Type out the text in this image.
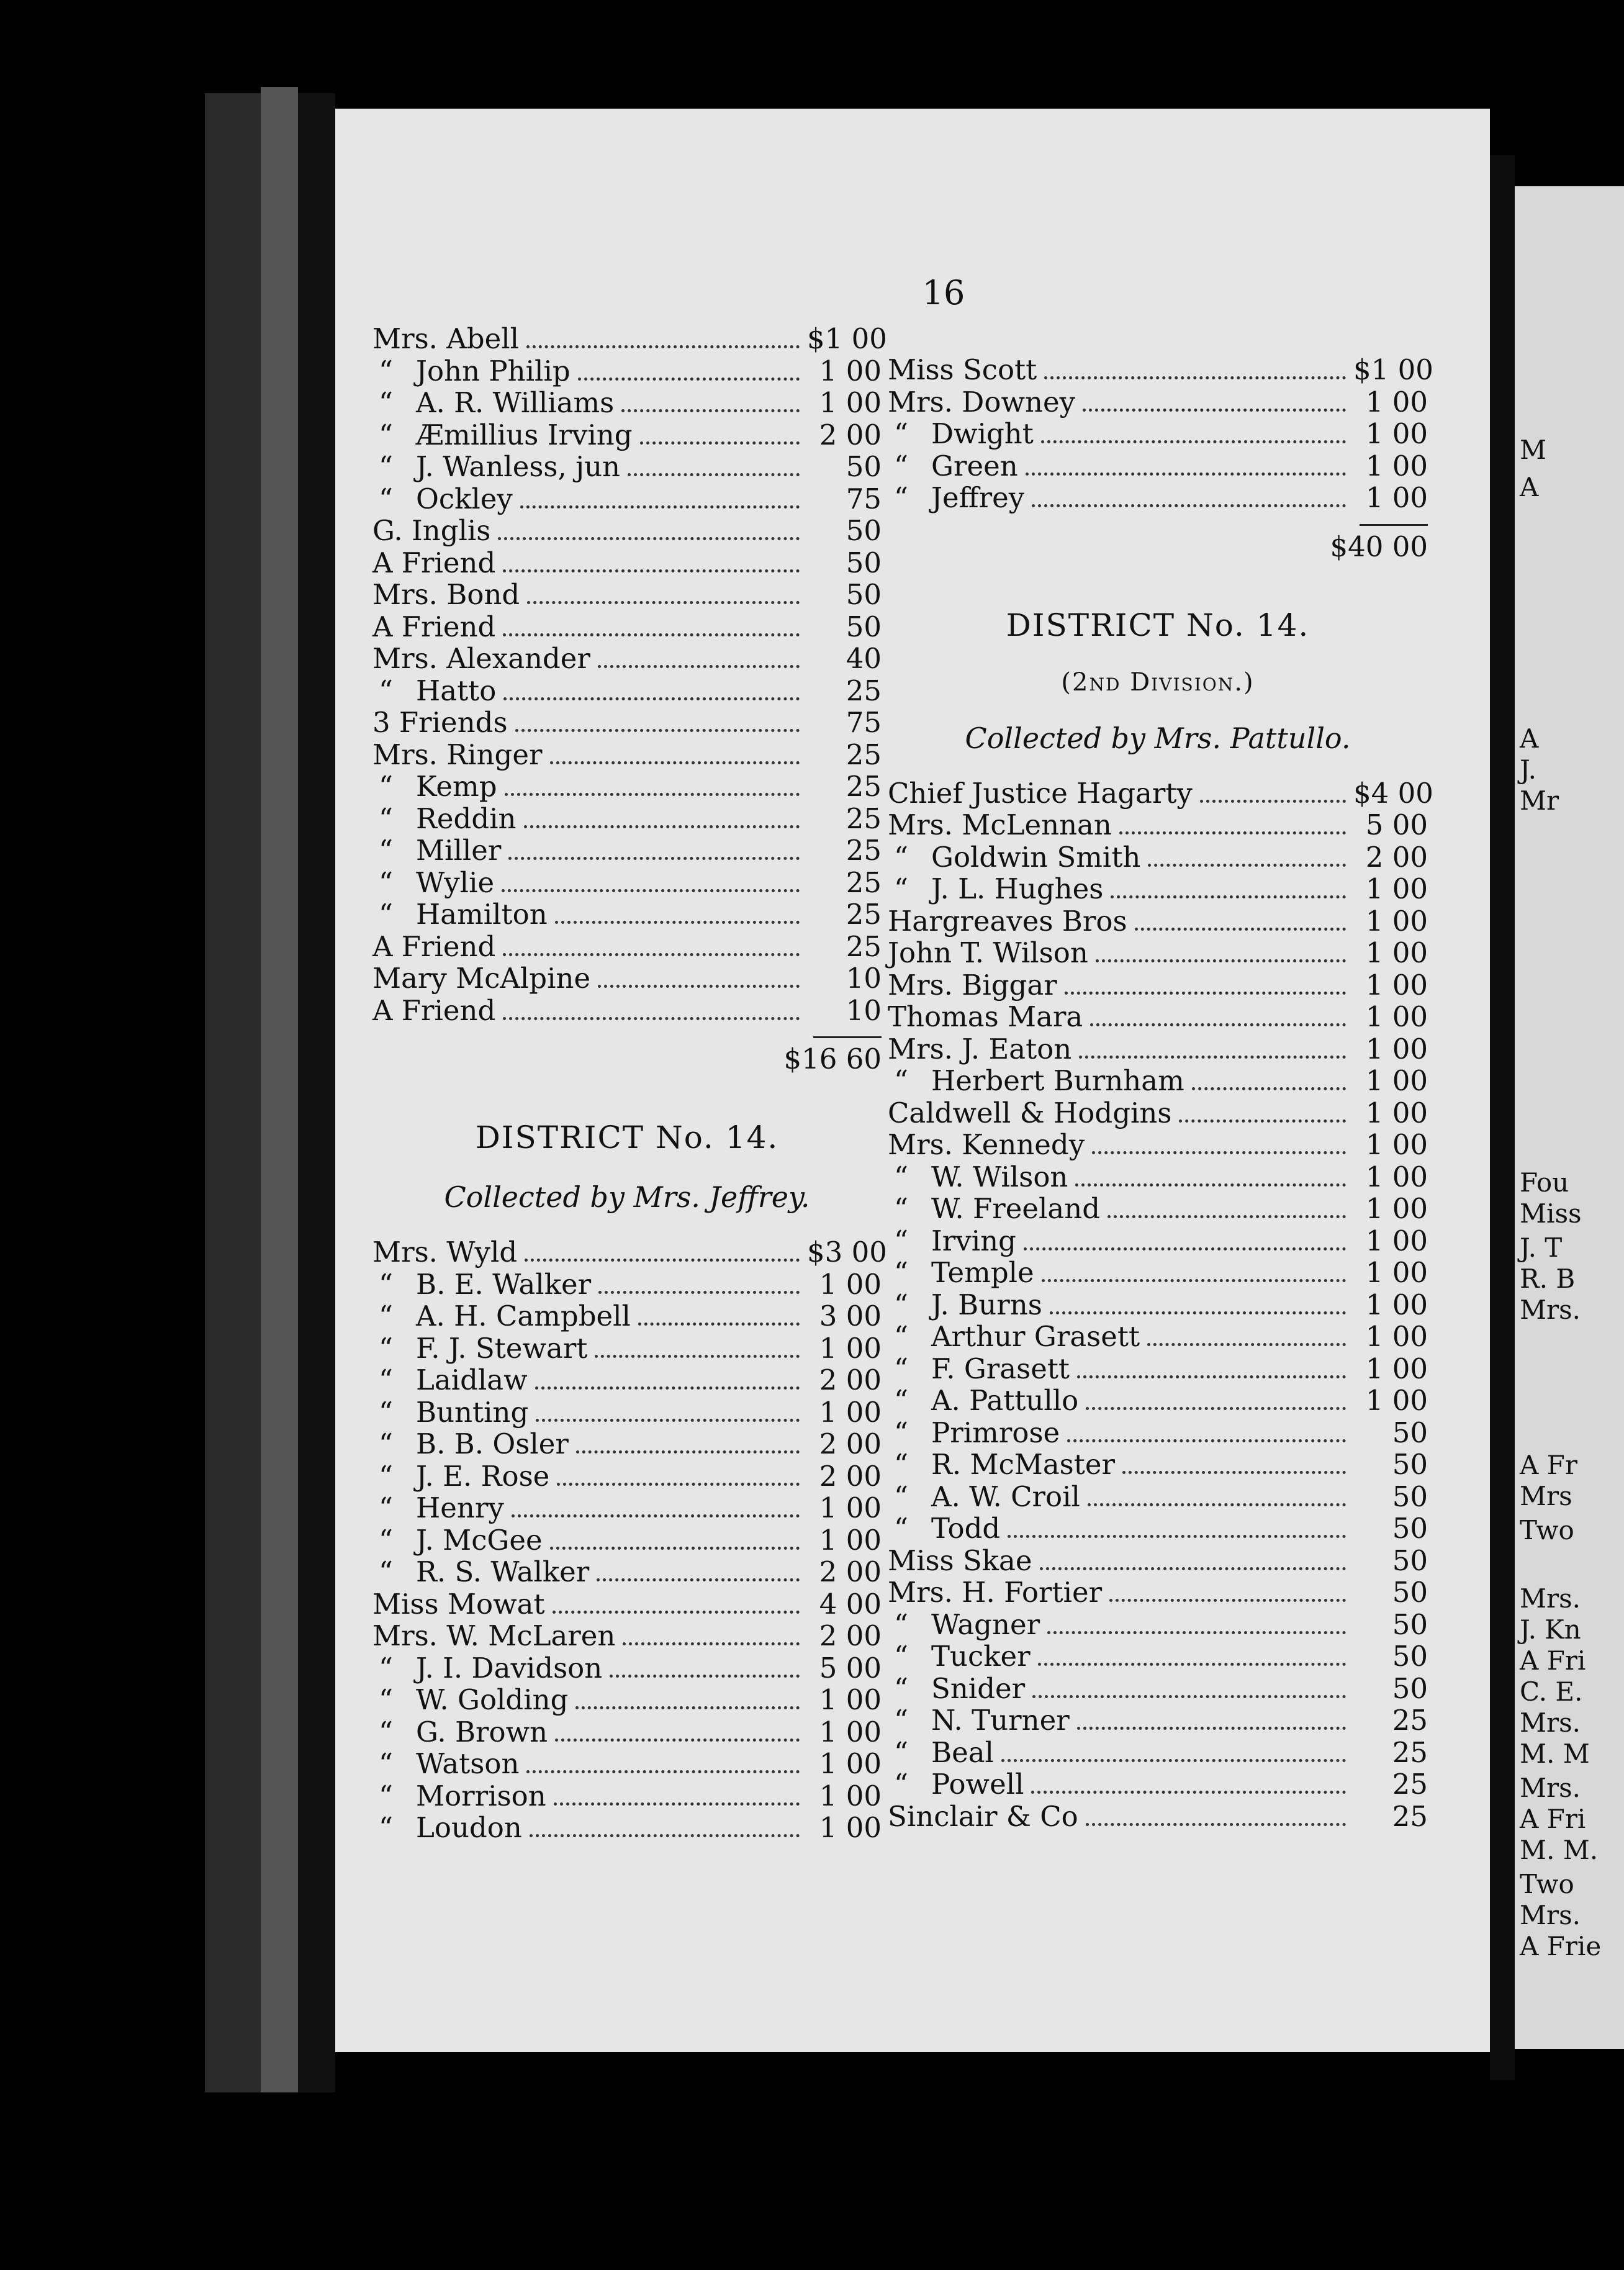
16
Mrs. Abell	$1 00
“ John Philip	1 00
“ A. R. Williams	1 00
“ Æmillius Irving	2 00
“ J. Wanless, jun	50
“ Ockley	75
G. Inglis	50
A Friend	50
Mrs. Bond	50
A Friend	50
Mrs. Alexander	40
“ Hatto	25
3 Friends	75
Mrs. Ringer	25
“ Kemp	25
“ Reddin	25
“ Miller	25
“ Wylie	25
“ Hamilton	25
A Friend	25
Mary McAlpine	10
A Friend	10
$16 60
DISTRICT No. 14.
Collected by Mrs. Jeffrey.
Mrs. Wyld	$3 00
“ B. E. Walker	1 00
“ A. H. Campbell	3 00
“ F. J. Stewart	1 00
“ Laidlaw	2 00
“ Bunting	1 00
“ B. B. Osler	2 00
“ J. E. Rose	2 00
“ Henry	1 00
“ J. McGee	1 00
“ R. S. Walker	2 00
Miss Mowat	4 00
Mrs. W. McLaren	2 00
“ J. I. Davidson	5 00
“ W. Golding	1 00
“ G. Brown	1 00
“ Watson	1 00
“ Morrison	1 00
“ Loudon	1 00
Miss Scott	$1 00
Mrs. Downey	1 00
“ Dwight	1 00
“ Green	1 00
“ Jeffrey	1 00
$40 00
DISTRICT No. 14.
(2nd Division.)
Collected by Mrs. Pattullo.
Chief Justice Hagarty	$4 00
Mrs. McLennan	5 00
“ Goldwin Smith	2 00
“ J. L. Hughes	1 00
Hargreaves Bros	1 00
John T. Wilson	1 00
Mrs. Biggar	1 00
Thomas Mara	1 00
Mrs. J. Eaton	1 00
“ Herbert Burnham	1 00
Caldwell & Hodgins	1 00
Mrs. Kennedy	1 00
“ W. Wilson	1 00
“ W. Freeland	1 00
“ Irving	1 00
“ Temple	1 00
“ J. Burns	1 00
“ Arthur Grasett	1 00
“ F. Grasett	1 00
“ A. Pattullo	1 00
“ Primrose	50
“ R. McMaster	50
“ A. W. Croil	50
“ Todd	50
Miss Skae	50
Mrs. H. Fortier	50
“ Wagner	50
“ Tucker	50
“ Snider	50
“ N. Turner	25
“ Beal	25
“ Powell	25
Sinclair & Co	25
M
A
A
J.
Mr
Fou
Miss
J. T
R. B
Mrs.
A Fr
Mrs
Two
Mrs.
J. Kn
A Fri
C. E.
Mrs.
M. M
Mrs.
A Fri
M. M.
Two
Mrs.
A Frie
